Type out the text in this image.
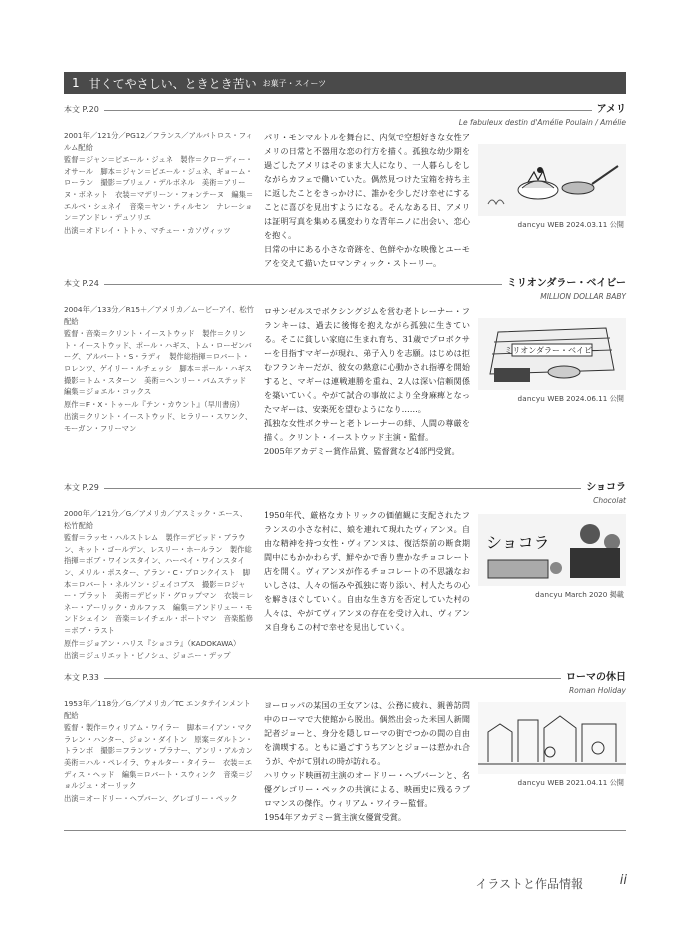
1 甘くてやさしい、ときとき苦い お菓子・スイーツ
本文 P.20	アメリ
Le fabuleux destin d'Amélie Poulain / Amélie

2001年／121分／PG12／フランス／アルバトロス・フィルム配給

監督＝ジャン＝ピエール・ジュネ　製作＝クローディー・オサール　脚本＝ジャン＝ピエール・ジュネ、ギョーム・ローラン　撮影＝ブリュノ・デルボネル　美術＝アリーヌ・ボネット　衣装＝マデリーン・フォンテーヌ　編集＝エルベ・シュネイ　音楽＝ヤン・ティルセン　ナレーション＝アンドレ・デュソリエ

出演＝オドレイ・トトゥ、マチュー・カソヴィッツ

パリ・モンマルトルを舞台に、内気で空想好きな女性アメリの日常と不器用な恋の行方を描く。孤独な幼少期を過ごしたアメリはそのまま大人になり、一人暮らしをしながらカフェで働いていた。偶然見つけた宝箱を持ち主に返したことをきっかけに、誰かを少しだけ幸せにすることに喜びを見出すようになる。そんなある日、アメリは証明写真を集める風変わりな青年ニノに出会い、恋心を抱く。

日常の中にある小さな奇跡を、色鮮やかな映像とユーモアを交えて描いたロマンティック・ストーリー。

dancyu WEB 2024.03.11 公開
本文 P.24	ミリオンダラー・ベイビー
MILLION DOLLAR BABY

2004年／133分／R15＋／アメリカ／ムービーアイ、松竹配給

監督・音楽＝クリント・イーストウッド　製作＝クリント・イーストウッド、ポール・ハギス、トム・ローゼンバーグ、アルバート・S・ラディ　製作総指揮＝ロバート・ロレンツ、ゲイリー・ルチェッシ　脚本＝ポール・ハギス　撮影＝トム・スターン　美術＝ヘンリー・バムステッド　編集＝ジョエル・コックス

原作＝F・X・トゥール『テン・カウント』（早川書房）

出演＝クリント・イーストウッド、ヒラリー・スワンク、モーガン・フリーマン

ロサンゼルスでボクシングジムを営む老トレーナー・フランキーは、過去に後悔を抱えながら孤独に生きている。そこに貧しい家庭に生まれ育ち、31歳でプロボクサーを目指すマギーが現れ、弟子入りを志願。はじめは拒むフランキーだが、彼女の熱意に心動かされ指導を開始すると、マギーは連戦連勝を重ね、2人は深い信頼関係を築いていく。やがて試合の事故により全身麻痺となったマギーは、安楽死を望むようになり……。

孤独な女性ボクサーと老トレーナーの絆、人間の尊厳を描く。クリント・イーストウッド主演・監督。

2005年アカデミー賞作品賞、監督賞など4部門受賞。

ミリオンダラー・ベイビー
dancyu WEB 2024.06.11 公開
本文 P.29	ショコラ
Chocolat

2000年／121分／G／アメリカ／アスミック・エース、松竹配給

監督＝ラッセ・ハルストレム　製作＝デビッド・ブラウン、キット・ゴールデン、レスリー・ホールラン　製作総指揮＝ボブ・ワインスタイン、ハーベイ・ワインスタイン、メリル・ポスター、アラン・C・ブロンクイスト　脚本＝ロバート・ネルソン・ジェイコブス　撮影＝ロジャー・プラット　美術＝デビッド・グロップマン　衣装＝レネー・アーリック・カルファス　編集＝アンドリュー・モンドシェイン　音楽＝レイチェル・ポートマン　音楽監修＝ボブ・ラスト

原作＝ジョアン・ハリス『ショコラ』（KADOKAWA）

出演＝ジュリエット・ビノシュ、ジョニー・デップ

1950年代、厳格なカトリックの価値観に支配されたフランスの小さな村に、娘を連れて現れたヴィアンヌ。自由な精神を持つ女性・ヴィアンヌは、復活祭前の断食期間中にもかかわらず、鮮やかで香り豊かなチョコレート店を開く。ヴィアンヌが作るチョコレートの不思議なおいしさは、人々の悩みや孤独に寄り添い、村人たちの心を解きほぐしていく。自由な生き方を否定していた村の人々は、やがてヴィアンヌの存在を受け入れ、ヴィアンヌ自身もこの村で幸せを見出していく。

ショコラ
dancyu March 2020 掲載
本文 P.33	ローマの休日
Roman Holiday

1953年／118分／G／アメリカ／TC エンタテインメント配給

監督・製作＝ウィリアム・ワイラー　脚本＝イアン・マクラレン・ハンター、ジョン・ダイトン　原案＝ダルトン・トランボ　撮影＝フランツ・プラナー、アンリ・アルカン　美術＝ハル・ペレイラ、ウォルター・タイラー　衣装＝エディス・ヘッド　編集＝ロバート・スウィンク　音楽＝ジョルジュ・オーリック

出演＝オードリー・ヘプバーン、グレゴリー・ペック

ヨーロッパの某国の王女アンは、公務に疲れ、親善訪問中のローマで大使館から脱出。偶然出会った米国人新聞記者ジョーと、身分を隠しローマの街でつかの間の自由を満喫する。ともに過ごすうちアンとジョーは惹かれ合うが、やがて別れの時が訪れる。

ハリウッド映画初主演のオードリー・ヘプバーンと、名優グレゴリー・ペックの共演による、映画史に残るラブロマンスの傑作。ウィリアム・ワイラー監督。

1954年アカデミー賞主演女優賞受賞。

dancyu WEB 2021.04.11 公開
イラストと作品情報	ii
